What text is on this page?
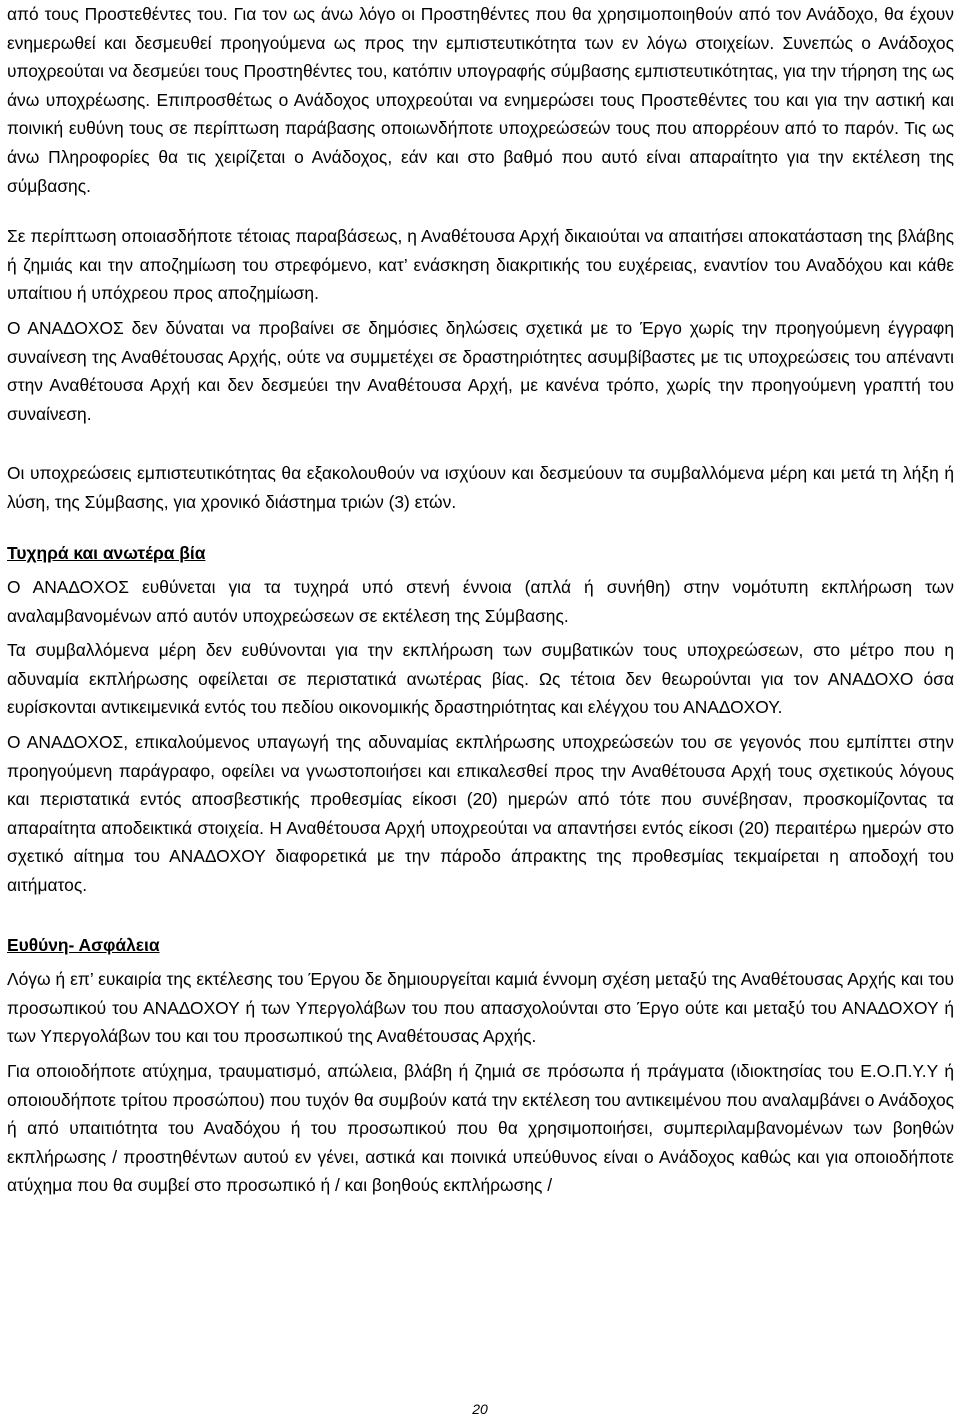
από τους Προστεθέντες του. Για τον ως άνω λόγο οι Προστηθέντες που θα χρησιμοποιηθούν από τον Ανάδοχο, θα έχουν ενημερωθεί και δεσμευθεί προηγούμενα ως προς την εμπιστευτικότητα των εν λόγω στοιχείων. Συνεπώς ο Ανάδοχος υποχρεούται να δεσμεύει τους Προστηθέντες του, κατόπιν υπογραφής σύμβασης εμπιστευτικότητας, για την τήρηση της ως άνω υποχρέωσης. Επιπροσθέτως ο Ανάδοχος υποχρεούται να ενημερώσει τους Προστεθέντες του και για την αστική και ποινική ευθύνη τους σε περίπτωση παράβασης οποιωνδήποτε υποχρεώσεών τους που απορρέουν από το παρόν. Τις ως άνω Πληροφορίες θα τις χειρίζεται ο Ανάδοχος, εάν και στο βαθμό που αυτό είναι απαραίτητο για την εκτέλεση της σύμβασης.

Σε περίπτωση οποιασδήποτε τέτοιας παραβάσεως, η Αναθέτουσα Αρχή δικαιούται να απαιτήσει αποκατάσταση της βλάβης ή ζημιάς και την αποζημίωση του στρεφόμενο, κατ’ ενάσκηση διακριτικής του ευχέρειας, εναντίον του Αναδόχου και κάθε υπαίτιου ή υπόχρεου προς αποζημίωση.

Ο ΑΝΑΔΟΧΟΣ δεν δύναται να προβαίνει σε δημόσιες δηλώσεις σχετικά με το Έργο χωρίς την προηγούμενη έγγραφη συναίνεση της Αναθέτουσας Αρχής, ούτε να συμμετέχει σε δραστηριότητες ασυμβίβαστες με τις υποχρεώσεις του απέναντι στην Αναθέτουσα Αρχή και δεν δεσμεύει την Αναθέτουσα Αρχή, με κανένα τρόπο, χωρίς την προηγούμενη γραπτή του συναίνεση.

Οι υποχρεώσεις εμπιστευτικότητας θα εξακολουθούν να ισχύουν και δεσμεύουν τα συμβαλλόμενα μέρη και μετά τη λήξη ή λύση, της Σύμβασης, για χρονικό διάστημα τριών (3) ετών.

Τυχηρά και ανωτέρα βία

Ο ΑΝΑΔΟΧΟΣ ευθύνεται για τα τυχηρά υπό στενή έννοια (απλά ή συνήθη) στην νομότυπη εκπλήρωση των αναλαμβανομένων από αυτόν υποχρεώσεων σε εκτέλεση της Σύμβασης.

Τα συμβαλλόμενα μέρη δεν ευθύνονται για την εκπλήρωση των συμβατικών τους υποχρεώσεων, στο μέτρο που η αδυναμία εκπλήρωσης οφείλεται σε περιστατικά ανωτέρας βίας. Ως τέτοια δεν θεωρούνται για τον ΑΝΑΔΟΧΟ όσα ευρίσκονται αντικειμενικά εντός του πεδίου οικονομικής δραστηριότητας και ελέγχου του ΑΝΑΔΟΧΟΥ.

Ο ΑΝΑΔΟΧΟΣ, επικαλούμενος υπαγωγή της αδυναμίας εκπλήρωσης υποχρεώσεών του σε γεγονός που εμπίπτει στην προηγούμενη παράγραφο, οφείλει να γνωστοποιήσει και επικαλεσθεί προς την Αναθέτουσα Αρχή τους σχετικούς λόγους και περιστατικά εντός αποσβεστικής προθεσμίας είκοσι (20) ημερών από τότε που συνέβησαν, προσκομίζοντας τα απαραίτητα αποδεικτικά στοιχεία. Η Αναθέτουσα Αρχή υποχρεούται να απαντήσει εντός είκοσι (20) περαιτέρω ημερών στο σχετικό αίτημα του ΑΝΑΔΟΧΟΥ διαφορετικά με την πάροδο άπρακτης της προθεσμίας τεκμαίρεται η αποδοχή του αιτήματος.

Ευθύνη- Ασφάλεια

Λόγω ή επ’ ευκαιρία της εκτέλεσης του Έργου δε δημιουργείται καμιά έννομη σχέση μεταξύ της Αναθέτουσας Αρχής και του προσωπικού του ΑΝΑΔΟΧΟΥ ή των Υπεργολάβων του που απασχολούνται στο Έργο ούτε και μεταξύ του ΑΝΑΔΟΧΟΥ ή των Υπεργολάβων του και του προσωπικού της Αναθέτουσας Αρχής.

Για οποιοδήποτε ατύχημα, τραυματισμό, απώλεια, βλάβη ή ζημιά σε πρόσωπα ή πράγματα (ιδιοκτησίας του Ε.Ο.Π.Υ.Υ ή οποιουδήποτε τρίτου προσώπου) που τυχόν θα συμβούν κατά την εκτέλεση του αντικειμένου που αναλαμβάνει ο Ανάδοχος ή από υπαιτιότητα του Αναδόχου ή του προσωπικού που θα χρησιμοποιήσει, συμπεριλαμβανομένων των βοηθών εκπλήρωσης / προστηθέντων αυτού εν γένει, αστικά και ποινικά υπεύθυνος είναι ο Ανάδοχος καθώς και για οποιοδήποτε ατύχημα που θα συμβεί στο προσωπικό ή / και βοηθούς εκπλήρωσης /

20
